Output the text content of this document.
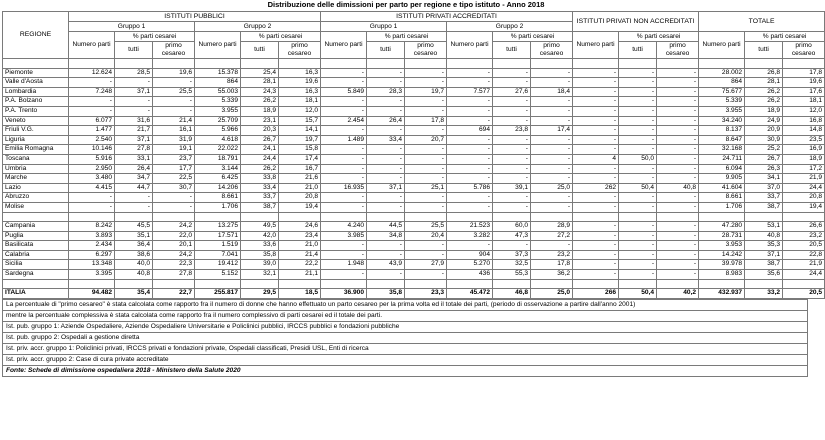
Distribuzione delle dimissioni per parto per regione e tipo istituto - Anno 2018
REGIONE	ISTITUTI PUBBLICI						ISTITUTI PRIVATI ACCREDITATI						ISTITUTI PRIVATI NON ACCREDITATI			TOTALE		
	Gruppo 1			Gruppo 2			Gruppo 1			Gruppo 2								
	Numero parti	% parti cesarei		Numero parti	% parti cesarei		Numero parti	% parti cesarei		Numero parti	% parti cesarei		Numero parti	% parti cesarei		Numero parti	% parti cesarei	
		tutti	primo cesareo		tutti	primo cesareo		tutti	primo cesareo		tutti	primo cesareo		tutti	primo cesareo		tutti	primo cesareo

Piemonte	12.624	28,5	19,6	15.378	25,4	16,3	-	-	-	-	-	-	-	-	-	28.002	26,8	17,8
Valle d'Aosta	-	-	-	864	28,1	19,6	-	-	-	-	-	-	-	-	-	864	28,1	19,6
Lombardia	7.248	37,1	25,5	55.003	24,3	16,3	5.849	28,3	19,7	7.577	27,6	18,4	-	-	-	75.677	26,2	17,6
P.A. Bolzano	-	-	-	5.339	26,2	18,1	-	-	-	-	-	-	-	-	-	5.339	26,2	18,1
P.A. Trento	-	-	-	3.955	18,9	12,0	-	-	-	-	-	-	-	-	-	3.955	18,9	12,0
Veneto	6.077	31,6	21,4	25.709	23,1	15,7	2.454	26,4	17,8	-	-	-	-	-	-	34.240	24,9	16,8
Friuli V.G.	1.477	21,7	16,1	5.966	20,3	14,1	-	-	-	694	23,8	17,4	-	-	-	8.137	20,9	14,8
Liguria	2.540	37,1	31,9	4.618	26,7	19,7	1.489	33,4	20,7	-	-	-	-	-	-	8.647	30,9	23,5
Emilia Romagna	10.146	27,8	19,1	22.022	24,1	15,8	-	-	-	-	-	-	-	-	-	32.168	25,2	16,9
Toscana	5.916	33,1	23,7	18.791	24,4	17,4	-	-	-	-	-	-	4	50,0	-	24.711	26,7	18,9
Umbria	2.950	26,4	17,7	3.144	26,2	16,7	-	-	-	-	-	-	-	-	-	6.094	26,3	17,2
Marche	3.480	34,7	22,5	6.425	33,8	21,6	-	-	-	-	-	-	-	-	-	9.905	34,1	21,9
Lazio	4.415	44,7	30,7	14.206	33,4	21,0	16.935	37,1	25,1	5.786	39,1	25,0	262	50,4	40,8	41.604	37,0	24,4
Abruzzo	-	-	-	8.661	33,7	20,8	-	-	-	-	-	-	-	-	-	8.661	33,7	20,8
Molise	-	-	-	1.706	38,7	19,4	-	-	-	-	-	-	-	-	-	1.706	38,7	19,4

Campania	8.242	45,5	24,2	13.275	49,5	24,6	4.240	44,5	25,5	21.523	60,0	28,9	-	-	-	47.280	53,1	26,6
Puglia	3.893	35,1	22,0	17.571	42,0	23,4	3.985	34,8	20,4	3.282	47,3	27,2	-	-	-	28.731	40,8	23,2
Basilicata	2.434	36,4	20,1	1.519	33,6	21,0	-	-	-	-	-	-	-	-	-	3.953	35,3	20,5
Calabria	6.297	38,6	24,2	7.041	35,8	21,4	-	-	-	904	37,3	23,2	-	-	-	14.242	37,1	22,8
Sicilia	13.348	40,0	22,3	19.412	39,0	22,2	1.948	43,9	27,9	5.270	32,5	17,8	-	-	-	39.978	38,7	21,9
Sardegna	3.395	40,8	27,8	5.152	32,1	21,1	-	-	-	436	55,3	36,2	-	-	-	8.983	35,6	24,4

ITALIA	94.482	35,4	22,7	255.817	29,5	18,5	36.900	35,8	23,3	45.472	46,8	25,0	266	50,4	40,2	432.937	33,2	20,5
La percentuale di "primo cesareo" è stata calcolata come rapporto fra il numero di donne che hanno effettuato un parto cesareo per la prima volta ed il totale dei parti, (periodo di osservazione a partire dall'anno 2001)
mentre la percentuale complessiva è stata calcolata come rapporto fra il numero complessivo di parti cesarei ed il totale dei parti.
Ist. pub. gruppo 1: Aziende Ospedaliere, Aziende Ospedaliere Universitarie e Policlinici pubblici, IRCCS pubblici e fondazioni pubbliche
Ist. pub. gruppo 2: Ospedali a gestione diretta
Ist. priv. accr. gruppo 1: Policlinici privati, IRCCS privati e fondazioni private, Ospedali classificati, Presidi USL, Enti di ricerca
Ist. priv. accr. gruppo 2: Case di cura private accreditate
Fonte: Schede di dimissione ospedaliera 2018 - Ministero della Salute 2020
